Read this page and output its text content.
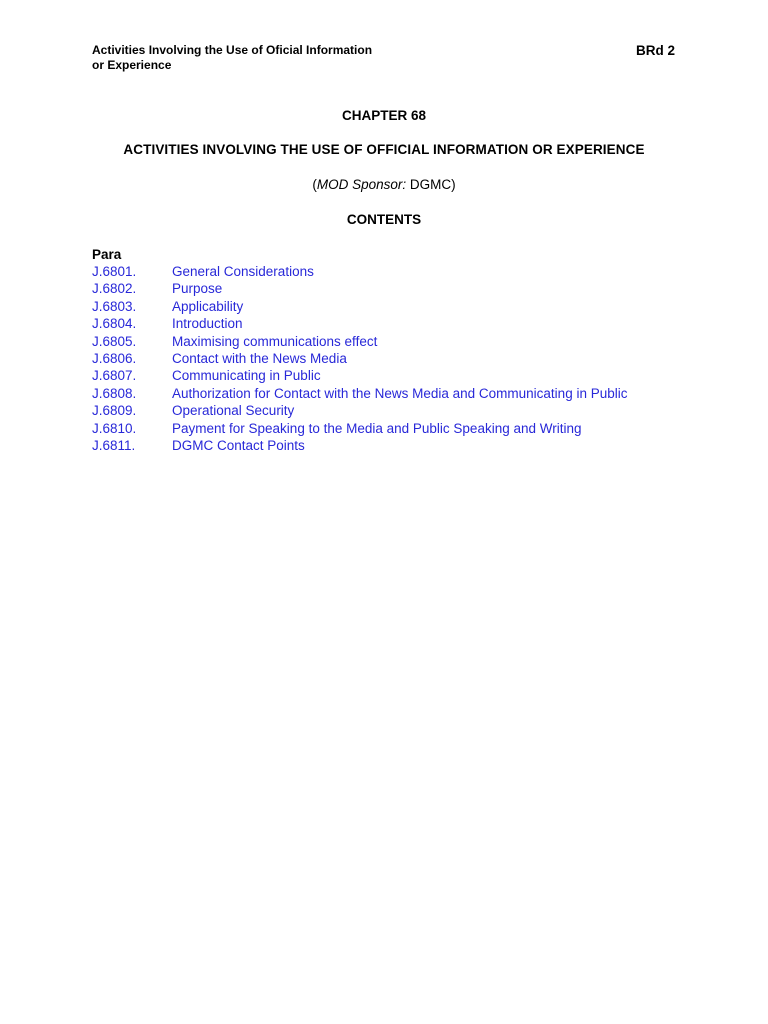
Activities Involving the Use of Oficial Information
or Experience
BRd 2
CHAPTER 68
ACTIVITIES INVOLVING THE USE OF OFFICIAL INFORMATION OR EXPERIENCE
(MOD Sponsor: DGMC)
CONTENTS
Para
J.6801.	General Considerations
J.6802.	Purpose
J.6803.	Applicability
J.6804.	Introduction
J.6805.	Maximising communications effect
J.6806.	Contact with the News Media
J.6807.	Communicating in Public
J.6808.	Authorization for Contact with the News Media and Communicating in Public
J.6809.	Operational Security
J.6810.	Payment for Speaking to the Media and Public Speaking and Writing
J.6811.	DGMC Contact Points
